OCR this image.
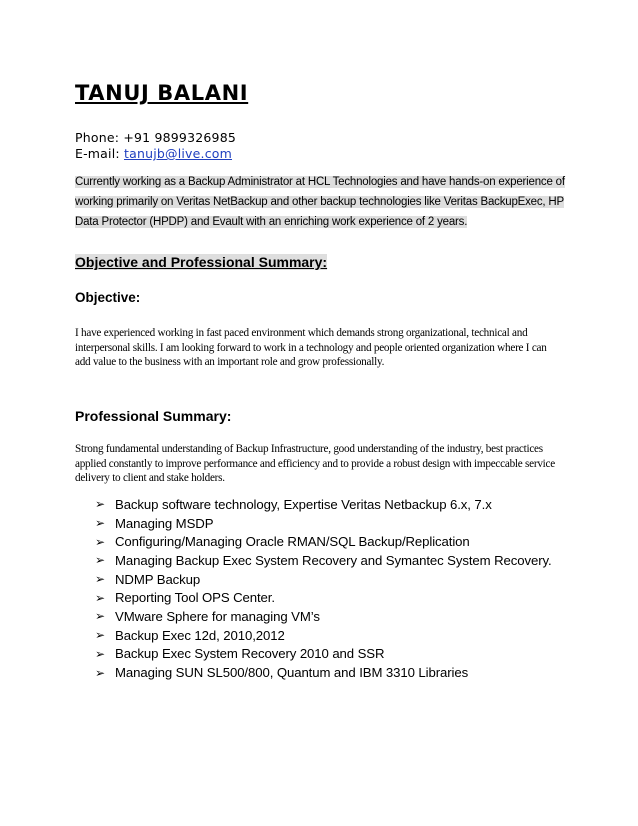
TANUJ BALANI
Phone: +91 9899326985
E-mail: tanujb@live.com

Currently working as a Backup Administrator at HCL Technologies and have hands-on experience of working primarily on Veritas NetBackup and other backup technologies like Veritas BackupExec, HP Data Protector (HPDP) and Evault with an enriching work experience of 2 years.

Objective and Professional Summary:
Objective:

I have experienced working in fast paced environment which demands strong organizational, technical and interpersonal skills. I am looking forward to work in a technology and people oriented organization where I can add value to the business with an important role and grow professionally.

Professional Summary:

Strong fundamental understanding of Backup Infrastructure, good understanding of the industry, best practices applied constantly to improve performance and efficiency and to provide a robust design with impeccable service delivery to client and stake holders.

➢ Backup software technology, Expertise Veritas Netbackup 6.x, 7.x
➢ Managing MSDP
➢ Configuring/Managing Oracle RMAN/SQL Backup/Replication
➢ Managing Backup Exec System Recovery and Symantec System Recovery.
➢ NDMP Backup
➢ Reporting Tool OPS Center.
➢ VMware Sphere for managing VM’s
➢ Backup Exec 12d, 2010,2012
➢ Backup Exec System Recovery 2010 and SSR
➢ Managing SUN SL500/800, Quantum and IBM 3310 Libraries
